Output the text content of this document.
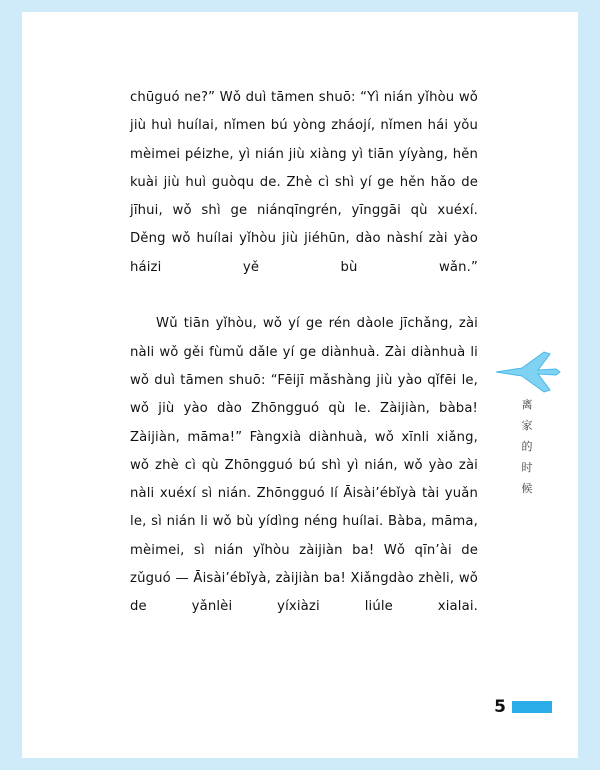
chūguó ne?” Wǒ duì tāmen shuō: “Yì nián yǐhòu wǒ jiù huì huílai, nǐmen bú yòng zháojí, nǐmen hái yǒu mèimei péizhe, yì nián jiù xiàng yì tiān yíyàng, hěn kuài jiù huì guòqu de. Zhè cì shì yí ge hěn hǎo de jīhui, wǒ shì ge niánqīngrén, yīnggāi qù xuéxí. Děng wǒ huílai yǐhòu jiù jiéhūn, dào nàshí zài yào háizi yě bù wǎn.”

Wǔ tiān yǐhòu, wǒ yí ge rén dàole jīchǎng, zài nàli wǒ gěi fùmǔ dǎle yí ge diànhuà. Zài diànhuà li wǒ duì tāmen shuō: “Fēijī mǎshàng jiù yào qǐfēi le, wǒ jiù yào dào Zhōngguó qù le. Zàijiàn, bàba! Zàijiàn, māma!” Fàngxià diànhuà, wǒ xīnli xiǎng, wǒ zhè cì qù Zhōngguó bú shì yì nián, wǒ yào zài nàli xuéxí sì nián. Zhōngguó lí Āisài’ébǐyà tài yuǎn le, sì nián li wǒ bù yídìng néng huílai. Bàba, māma, mèimei, sì nián yǐhòu zàijiàn ba! Wǒ qīn’ài de zǔguó — Āisài’ébǐyà, zàijiàn ba! Xiǎngdào zhèli, wǒ de yǎnlèi yíxiàzi liúle xialai.

离
家
的
时
候
5
